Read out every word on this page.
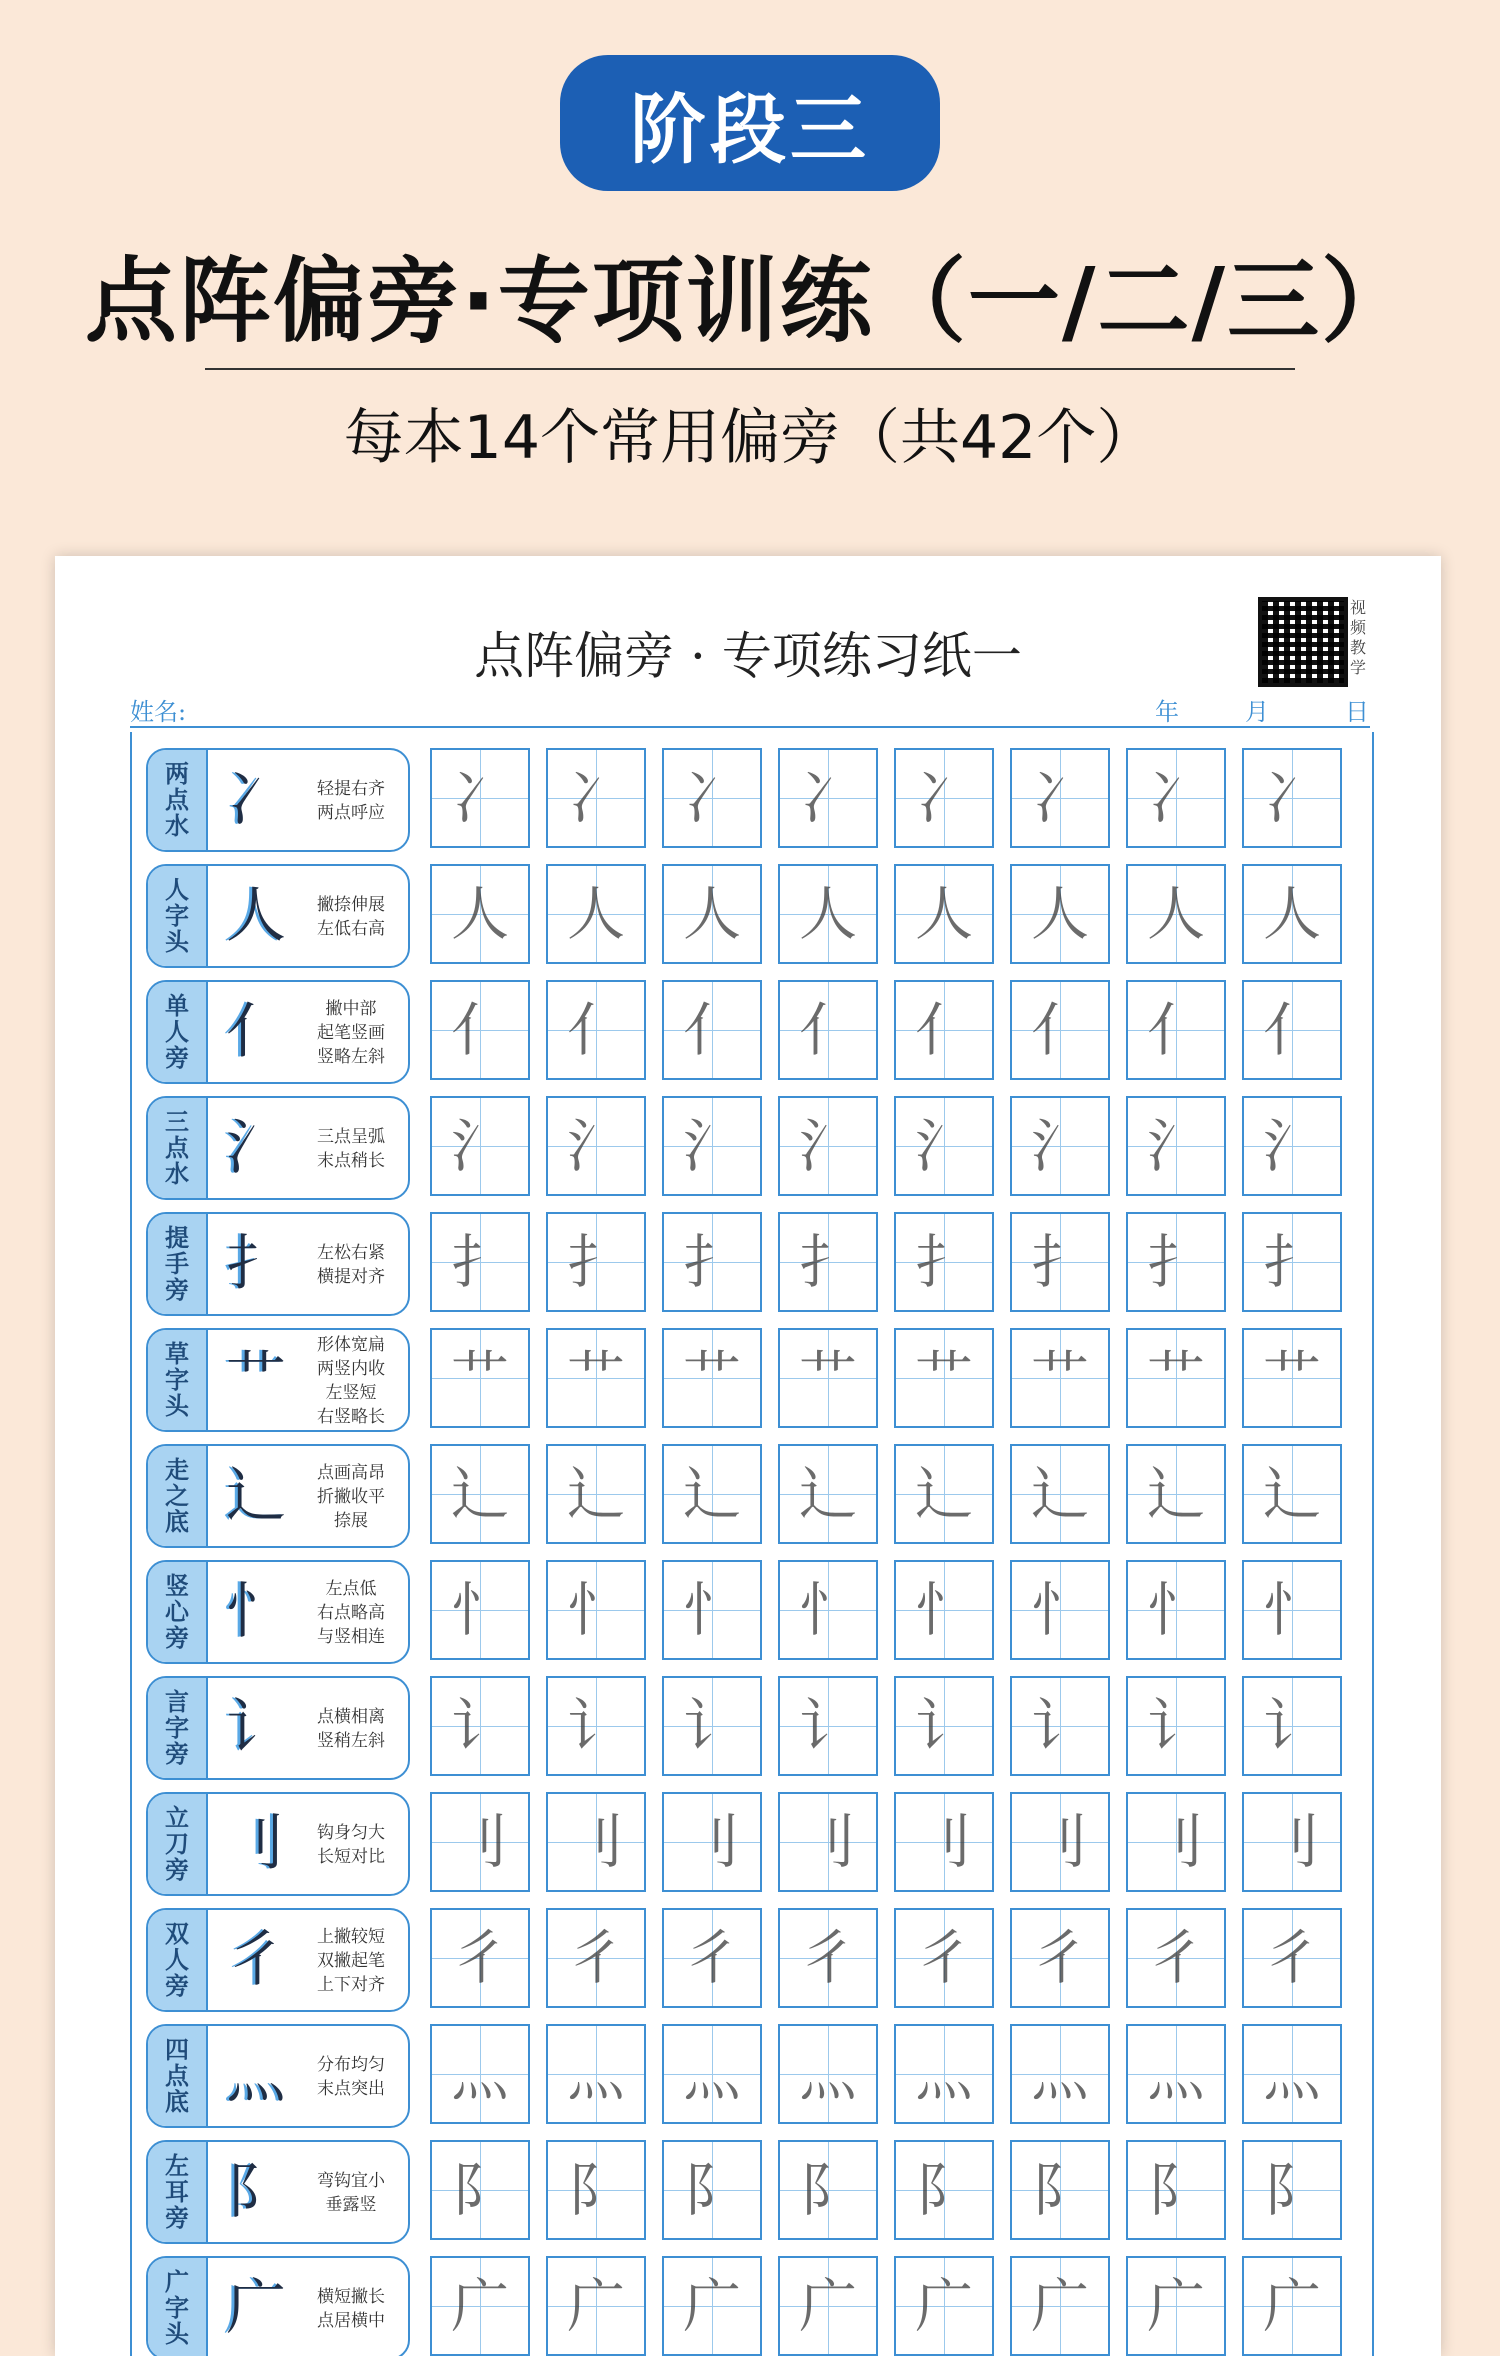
阶段三
点阵偏旁·专项训练（一/二/三）
每本14个常用偏旁（共42个）
点阵偏旁 · 专项练习纸一
视频教学
姓名:	年	月	日
两
点
水 冫	轻提右齐
两点呼应	冫 冫 冫 冫 冫 冫 冫 冫
人
字
头 人	撇捺伸展
左低右高	人 人 人 人 人 人 人 人
单
人
旁 亻	撇中部
起笔竖画
竖略左斜	亻 亻 亻 亻 亻 亻 亻 亻
三
点
水 氵	三点呈弧
末点稍长	氵 氵 氵 氵 氵 氵 氵 氵
提
手
旁 扌	左松右紧
横提对齐	扌 扌 扌 扌 扌 扌 扌 扌
草
字
头 艹	形体宽扁
两竖内收
左竖短
右竖略长
艹 艹 艹 艹 艹 艹 艹 艹
走
之
底 辶	点画高昂
折撇收平
捺展	辶 辶 辶 辶 辶 辶 辶 辶
竖
心
旁 忄	左点低
右点略高
与竖相连	忄 忄 忄 忄 忄 忄 忄 忄
言
字
旁 讠	点横相离
竖稍左斜	讠 讠 讠 讠 讠 讠 讠 讠
立
刀
旁 刂	钩身匀大
长短对比	刂 刂 刂 刂 刂 刂 刂 刂
双
人
旁 彳	上撇较短
双撇起笔
上下对齐	彳 彳 彳 彳 彳 彳 彳 彳
四
点
底 灬	分布均匀
末点突出	灬 灬 灬 灬 灬 灬 灬 灬
左
耳
旁 阝	弯钩宜小
垂露竖	阝 阝 阝 阝 阝 阝 阝 阝
广
字
头 广	横短撇长
点居横中	广 广 广 广 广 广 广 广
